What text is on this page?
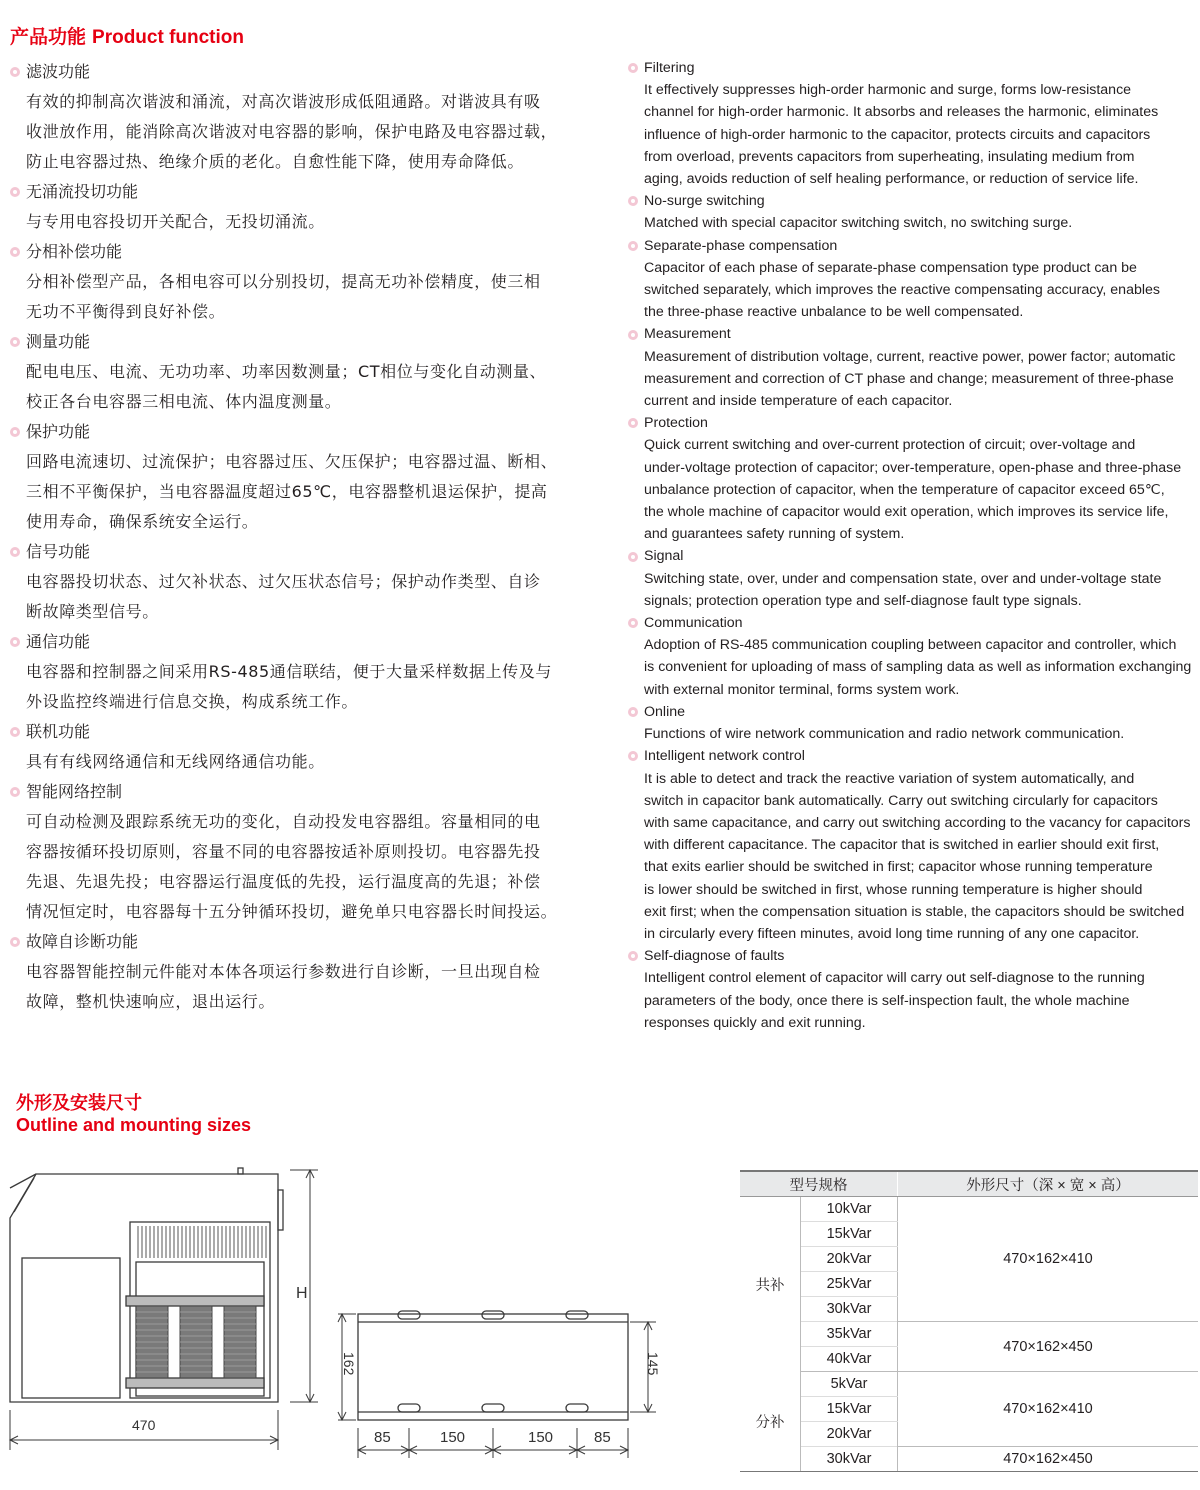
产品功能 Product function
滤波功能
有效的抑制高次谐波和涌流，对高次谐波形成低阻通路。对谐波具有吸
收泄放作用，能消除高次谐波对电容器的影响，保护电路及电容器过载，
防止电容器过热、绝缘介质的老化。自愈性能下降，使用寿命降低。
无涌流投切功能
与专用电容投切开关配合，无投切涌流。
分相补偿功能
分相补偿型产品，各相电容可以分别投切，提高无功补偿精度，使三相
无功不平衡得到良好补偿。
测量功能
配电电压、电流、无功功率、功率因数测量；CT相位与变化自动测量、
校正各台电容器三相电流、体内温度测量。
保护功能
回路电流速切、过流保护；电容器过压、欠压保护；电容器过温、断相、
三相不平衡保护，当电容器温度超过65℃，电容器整机退运保护，提高
使用寿命，确保系统安全运行。
信号功能
电容器投切状态、过欠补状态、过欠压状态信号；保护动作类型、自诊
断故障类型信号。
通信功能
电容器和控制器之间采用RS-485通信联结，便于大量采样数据上传及与
外设监控终端进行信息交换，构成系统工作。
联机功能
具有有线网络通信和无线网络通信功能。
智能网络控制
可自动检测及跟踪系统无功的变化，自动投发电容器组。容量相同的电
容器按循环投切原则，容量不同的电容器按适补原则投切。电容器先投
先退、先退先投；电容器运行温度低的先投，运行温度高的先退；补偿
情况恒定时，电容器每十五分钟循环投切，避免单只电容器长时间投运。
故障自诊断功能
电容器智能控制元件能对本体各项运行参数进行自诊断，一旦出现自检
故障，整机快速响应，退出运行。
Filtering
It effectively suppresses high-order harmonic and surge, forms low-resistance
channel for high-order harmonic. It absorbs and releases the harmonic, eliminates
influence of high-order harmonic to the capacitor, protects circuits and capacitors
from overload, prevents capacitors from superheating, insulating medium from
aging, avoids reduction of self healing performance, or reduction of service life.
No-surge switching
Matched with special capacitor switching switch, no switching surge.
Separate-phase compensation
Capacitor of each phase of separate-phase compensation type product can be
switched separately, which improves the reactive compensating accuracy, enables
the three-phase reactive unbalance to be well compensated.
Measurement
Measurement of distribution voltage, current, reactive power, power factor; automatic
measurement and correction of CT phase and change; measurement of three-phase
current and inside temperature of each capacitor.
Protection
Quick current switching and over-current protection of circuit; over-voltage and
under-voltage protection of capacitor; over-temperature, open-phase and three-phase
unbalance protection of capacitor, when the temperature of capacitor exceed 65℃,
the whole machine of capacitor would exit operation, which improves its service life,
and guarantees safety running of system.
Signal
Switching state, over, under and compensation state, over and under-voltage state
signals; protection operation type and self-diagnose fault type signals.
Communication
Adoption of RS-485 communication coupling between capacitor and controller, which
is convenient for uploading of mass of sampling data as well as information exchanging
with external monitor terminal, forms system work.
Online
Functions of wire network communication and radio network communication.
Intelligent network control
It is able to detect and track the reactive variation of system automatically, and
switch in capacitor bank automatically. Carry out switching circularly for capacitors
with same capacitance, and carry out switching according to the vacancy for capacitors
with different capacitance. The capacitor that is switched in earlier should exit first,
that exits earlier should be switched in first; capacitor whose running temperature
is lower should be switched in first, whose running temperature is higher should
exit first; when the compensation situation is stable, the capacitors should be switched
in circularly every fifteen minutes, avoid long time running of any one capacitor.
Self-diagnose of faults
Intelligent control element of capacitor will carry out self-diagnose to the running
parameters of the body, once there is self-inspection fault, the whole machine
responses quickly and exit running.
外形及安装尺寸
Outline and mounting sizes
H
470
162	145
85	150	150	85
型号规格		外形尺寸（深 × 宽 × 高）
共补	10kVar	470×162×410
	15kVar	
	20kVar	
	25kVar	
	30kVar	
	35kVar	470×162×450
	40kVar	
分补	5kVar	470×162×410
	15kVar	
	20kVar	
	30kVar	470×162×450
